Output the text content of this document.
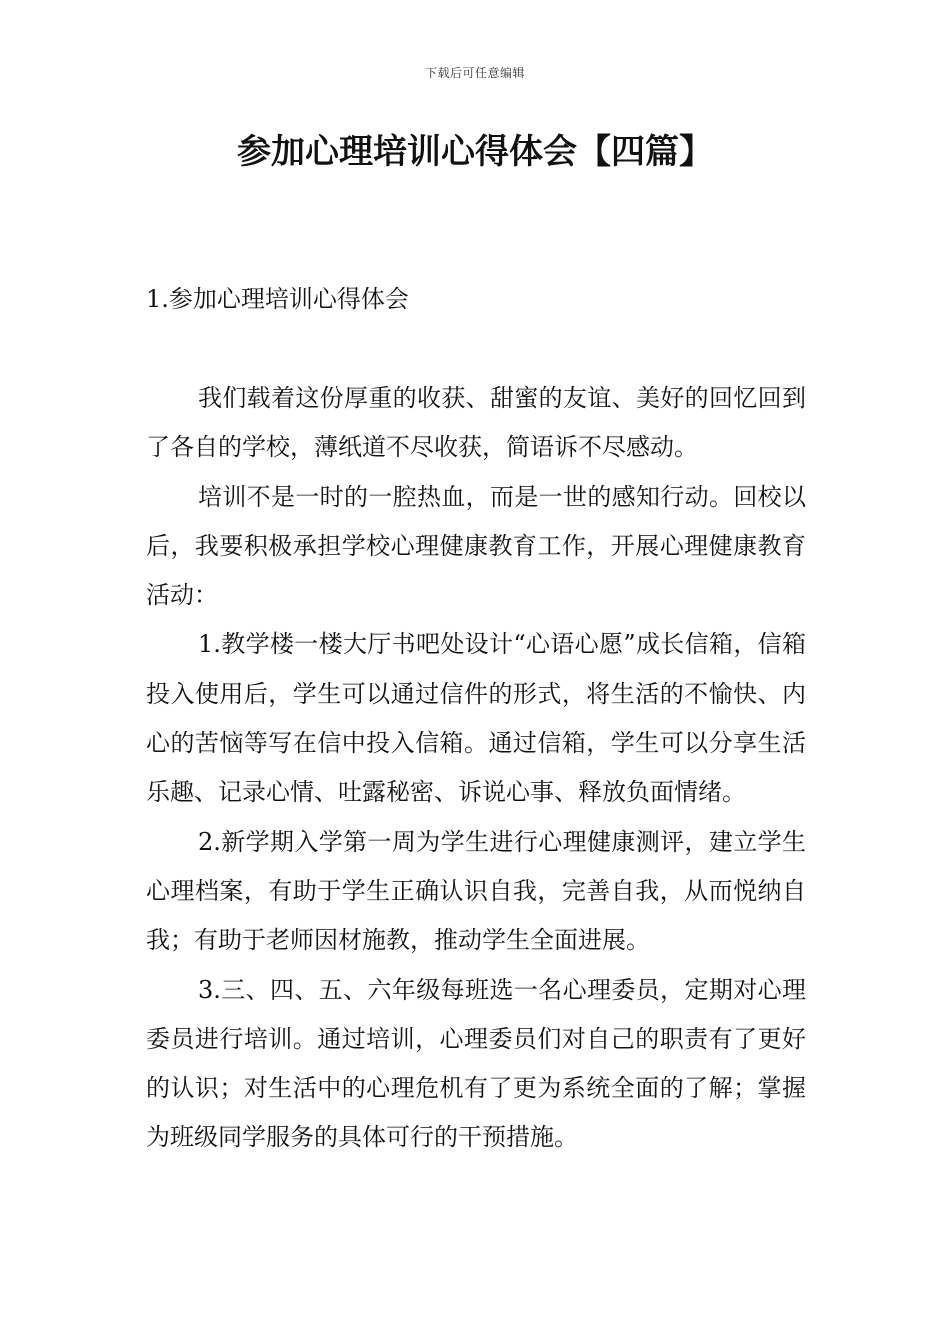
下载后可任意编辑
参加心理培训心得体会【四篇】
1.参加心理培训心得体会

我们载着这份厚重的收获、甜蜜的友谊、美好的回忆回到了各自的学校，薄纸道不尽收获，简语诉不尽感动。

培训不是一时的一腔热血，而是一世的感知行动。回校以后，我要积极承担学校心理健康教育工作，开展心理健康教育活动：

1.教学楼一楼大厅书吧处设计“心语心愿”成长信箱，信箱投入使用后，学生可以通过信件的形式，将生活的不愉快、内心的苦恼等写在信中投入信箱。通过信箱，学生可以分享生活乐趣、记录心情、吐露秘密、诉说心事、释放负面情绪。

2.新学期入学第一周为学生进行心理健康测评，建立学生心理档案，有助于学生正确认识自我，完善自我，从而悦纳自我；有助于老师因材施教，推动学生全面进展。

3.三、四、五、六年级每班选一名心理委员，定期对心理委员进行培训。通过培训，心理委员们对自己的职责有了更好的认识；对生活中的心理危机有了更为系统全面的了解；掌握为班级同学服务的具体可行的干预措施。
